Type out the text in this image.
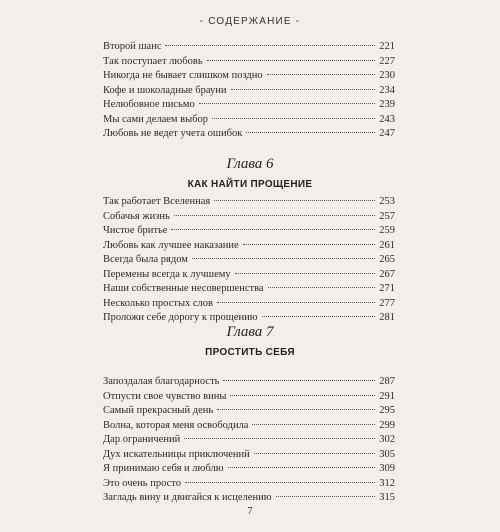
- СОДЕРЖАНИЕ -
Второй шанс	221
Так поступает любовь	227
Никогда не бывает слишком поздно	230
Кофе и шоколадные брауни	234
Нелюбовное письмо	239
Мы сами делаем выбор	243
Любовь не ведет учета ошибок	247
Глава 6
КАК НАЙТИ ПРОЩЕНИЕ
Так работает Вселенная	253
Собачья жизнь	257
Чистое бритье	259
Любовь как лучшее наказание	261
Всегда была рядом	265
Перемены всегда к лучшему	267
Наши собственные несовершенства	271
Несколько простых слов	277
Проложи себе дорогу к прощению	281
Глава 7
ПРОСТИТЬ СЕБЯ
Запоздалая благодарность	287
Отпусти свое чувство вины	291
Самый прекрасный день	295
Волна, которая меня освободила	299
Дар ограничений	302
Дух искательницы приключений	305
Я принимаю себя и люблю	309
Это очень просто	312
Загладь вину и двигайся к исцелению	315
7
